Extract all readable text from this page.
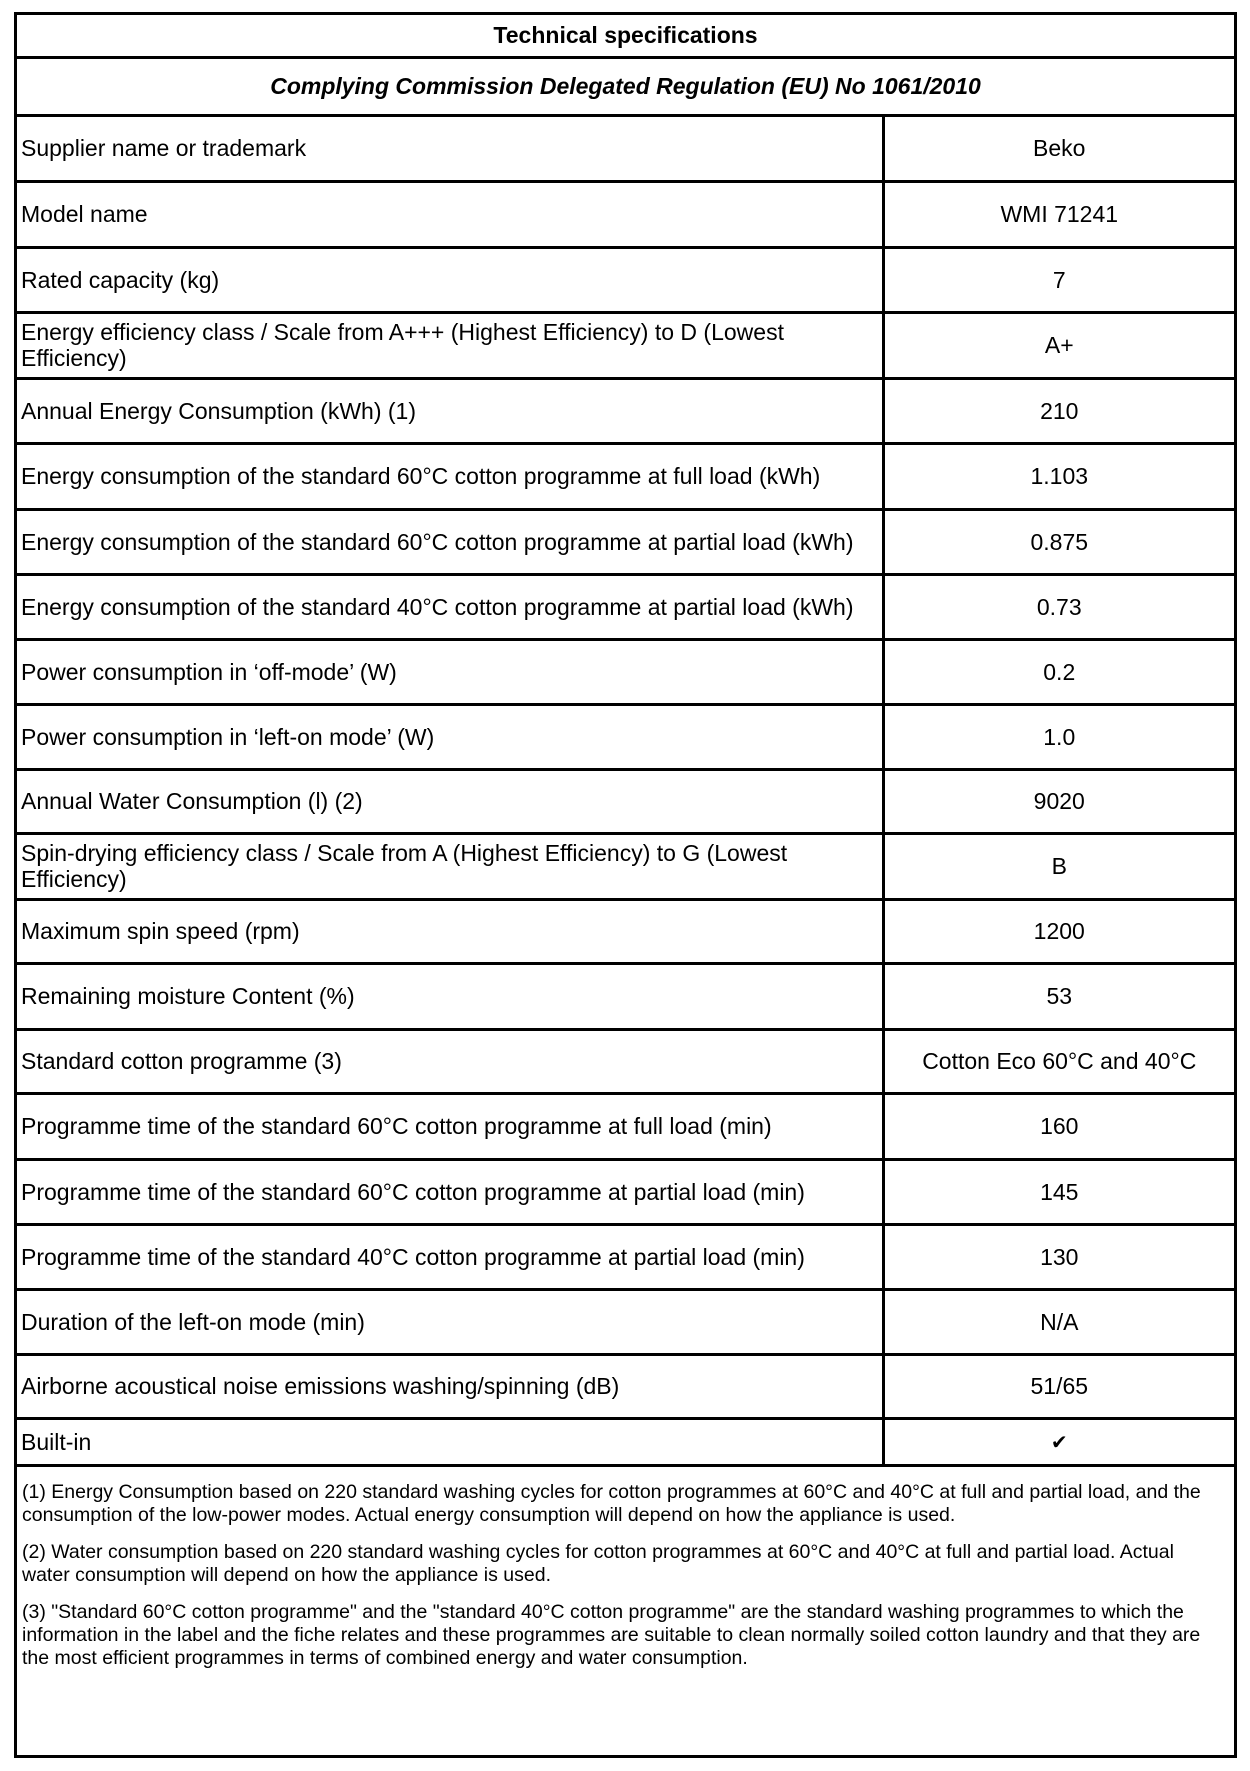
Technical specifications	
Complying Commission Delegated Regulation (EU) No 1061/2010	
Supplier name or trademark	Beko
Model name	WMI 71241
Rated capacity (kg)	7
Energy efficiency class / Scale from A+++ (Highest Efficiency) to D (Lowest Efficiency)	A+
Annual Energy Consumption (kWh) (1)	210
Energy consumption of the standard 60°C cotton programme at full load (kWh)	1.103
Energy consumption of the standard 60°C cotton programme at partial load (kWh)	0.875
Energy consumption of the standard 40°C cotton programme at partial load (kWh)	0.73
Power consumption in ‘off-mode’ (W)	0.2
Power consumption in ‘left-on mode’ (W)	1.0
Annual Water Consumption (l) (2)	9020
Spin-drying efficiency class / Scale from A (Highest Efficiency) to G (Lowest Efficiency)	B
Maximum spin speed (rpm)	1200
Remaining moisture Content (%)	53
Standard cotton programme (3)	Cotton Eco 60°C and 40°C
Programme time of the standard 60°C cotton programme at full load (min)	160
Programme time of the standard 60°C cotton programme at partial load (min)	145
Programme time of the standard 40°C cotton programme at partial load (min)	130
Duration of the left-on mode (min)	N/A
Airborne acoustical noise emissions washing/spinning (dB)	51/65
Built-in	✔

(1) Energy Consumption based on 220 standard washing cycles for cotton programmes at 60°C and 40°C at full and partial load, and the consumption of the low-power modes. Actual energy consumption will depend on how the appliance is used.

(2) Water consumption based on 220 standard washing cycles for cotton programmes at 60°C and 40°C at full and partial load. Actual water consumption will depend on how the appliance is used.

(3) "Standard 60°C cotton programme" and the "standard 40°C cotton programme" are the standard washing programmes to which the information in the label and the fiche relates and these programmes are suitable to clean normally soiled cotton laundry and that they are the most efficient programmes in terms of combined energy and water consumption.	
